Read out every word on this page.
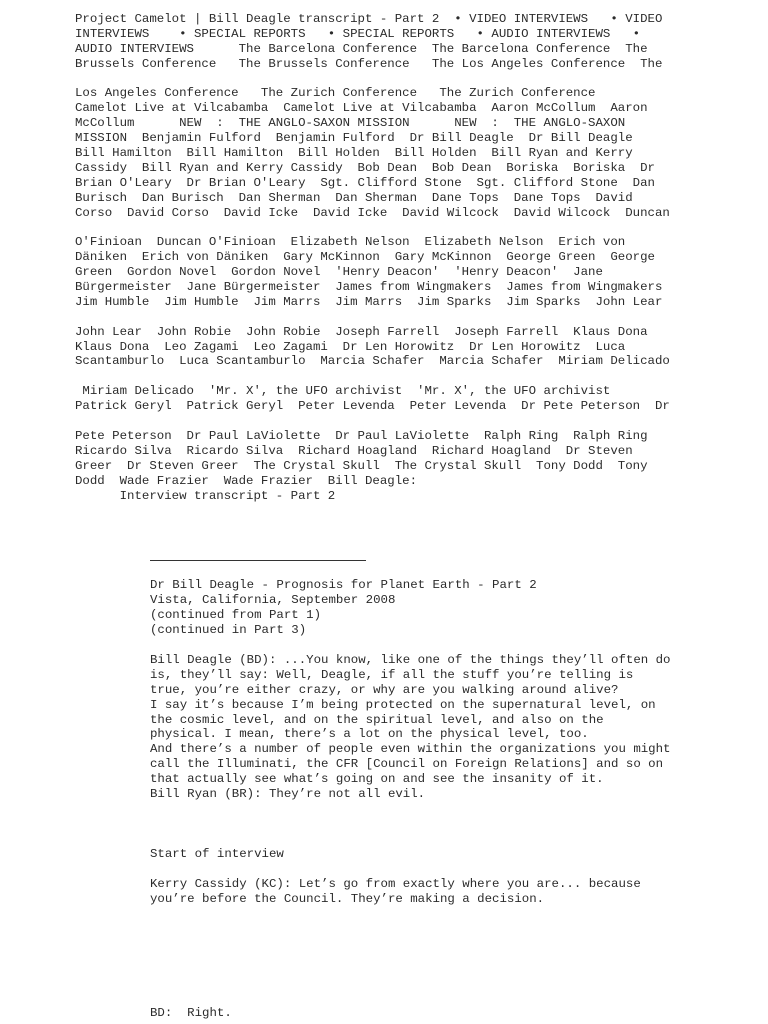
Project Camelot | Bill Deagle transcript - Part 2  • VIDEO INTERVIEWS   • VIDEO
INTERVIEWS    • SPECIAL REPORTS   • SPECIAL REPORTS   • AUDIO INTERVIEWS   •
AUDIO INTERVIEWS      The Barcelona Conference  The Barcelona Conference  The
Brussels Conference   The Brussels Conference   The Los Angeles Conference  The
Los Angeles Conference   The Zurich Conference   The Zurich Conference
Camelot Live at Vilcabamba  Camelot Live at Vilcabamba  Aaron McCollum  Aaron
McCollum      NEW  :  THE ANGLO-SAXON MISSION      NEW  :  THE ANGLO-SAXON
MISSION  Benjamin Fulford  Benjamin Fulford  Dr Bill Deagle  Dr Bill Deagle
Bill Hamilton  Bill Hamilton  Bill Holden  Bill Holden  Bill Ryan and Kerry
Cassidy  Bill Ryan and Kerry Cassidy  Bob Dean  Bob Dean  Boriska  Boriska  Dr
Brian O'Leary  Dr Brian O'Leary  Sgt. Clifford Stone  Sgt. Clifford Stone  Dan
Burisch  Dan Burisch  Dan Sherman  Dan Sherman  Dane Tops  Dane Tops  David
Corso  David Corso  David Icke  David Icke  David Wilcock  David Wilcock  Duncan
O'Finioan  Duncan O'Finioan  Elizabeth Nelson  Elizabeth Nelson  Erich von
Däniken  Erich von Däniken  Gary McKinnon  Gary McKinnon  George Green  George
Green  Gordon Novel  Gordon Novel  'Henry Deacon'  'Henry Deacon'  Jane
Bürgermeister  Jane Bürgermeister  James from Wingmakers  James from Wingmakers
Jim Humble  Jim Humble  Jim Marrs  Jim Marrs  Jim Sparks  Jim Sparks  John Lear
John Lear  John Robie  John Robie  Joseph Farrell  Joseph Farrell  Klaus Dona
Klaus Dona  Leo Zagami  Leo Zagami  Dr Len Horowitz  Dr Len Horowitz  Luca
Scantamburlo  Luca Scantamburlo  Marcia Schafer  Marcia Schafer  Miriam Delicado
Miriam Delicado  'Mr. X', the UFO archivist  'Mr. X', the UFO archivist
Patrick Geryl  Patrick Geryl  Peter Levenda  Peter Levenda  Dr Pete Peterson  Dr
Pete Peterson  Dr Paul LaViolette  Dr Paul LaViolette  Ralph Ring  Ralph Ring
Ricardo Silva  Ricardo Silva  Richard Hoagland  Richard Hoagland  Dr Steven
Greer  Dr Steven Greer  The Crystal Skull  The Crystal Skull  Tony Dodd  Tony
Dodd  Wade Frazier  Wade Frazier  Bill Deagle:
Interview transcript - Part 2
Dr Bill Deagle - Prognosis for Planet Earth - Part 2
Vista, California, September 2008
(continued from Part 1)
(continued in Part 3)
Bill Deagle (BD): ...You know, like one of the things they’ll often do
is, they’ll say: Well, Deagle, if all the stuff you’re telling is
true, you’re either crazy, or why are you walking around alive?
I say it’s because I’m being protected on the supernatural level, on
the cosmic level, and on the spiritual level, and also on the
physical. I mean, there’s a lot on the physical level, too.
And there’s a number of people even within the organizations you might
call the Illuminati, the CFR [Council on Foreign Relations] and so on
that actually see what’s going on and see the insanity of it.
Bill Ryan (BR): They’re not all evil.
Start of interview
Kerry Cassidy (KC): Let’s go from exactly where you are... because
you’re before the Council. They’re making a decision.
BD:  Right.
